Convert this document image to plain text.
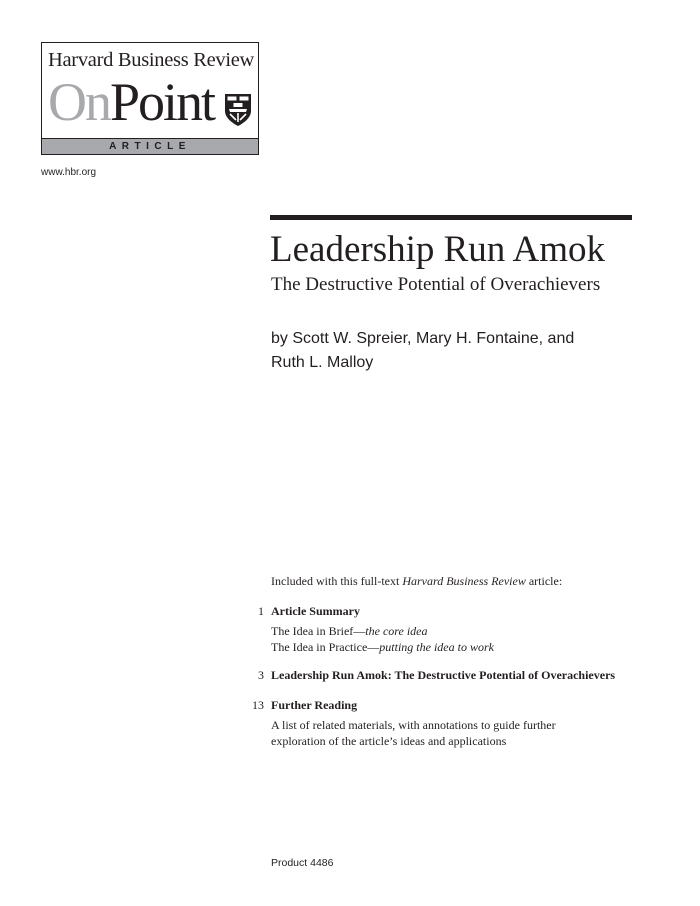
Harvard Business Review
OnPoint
ARTICLE
www.hbr.org
Leadership Run Amok
The Destructive Potential of Overachievers
by Scott W. Spreier, Mary H. Fontaine, and
Ruth L. Malloy
Included with this full-text Harvard Business Review article:
1 Article Summary
The Idea in Brief—the core idea
The Idea in Practice—putting the idea to work
3 Leadership Run Amok: The Destructive Potential of Overachievers
13 Further Reading
A list of related materials, with annotations to guide further
exploration of the article’s ideas and applications
Product 4486
